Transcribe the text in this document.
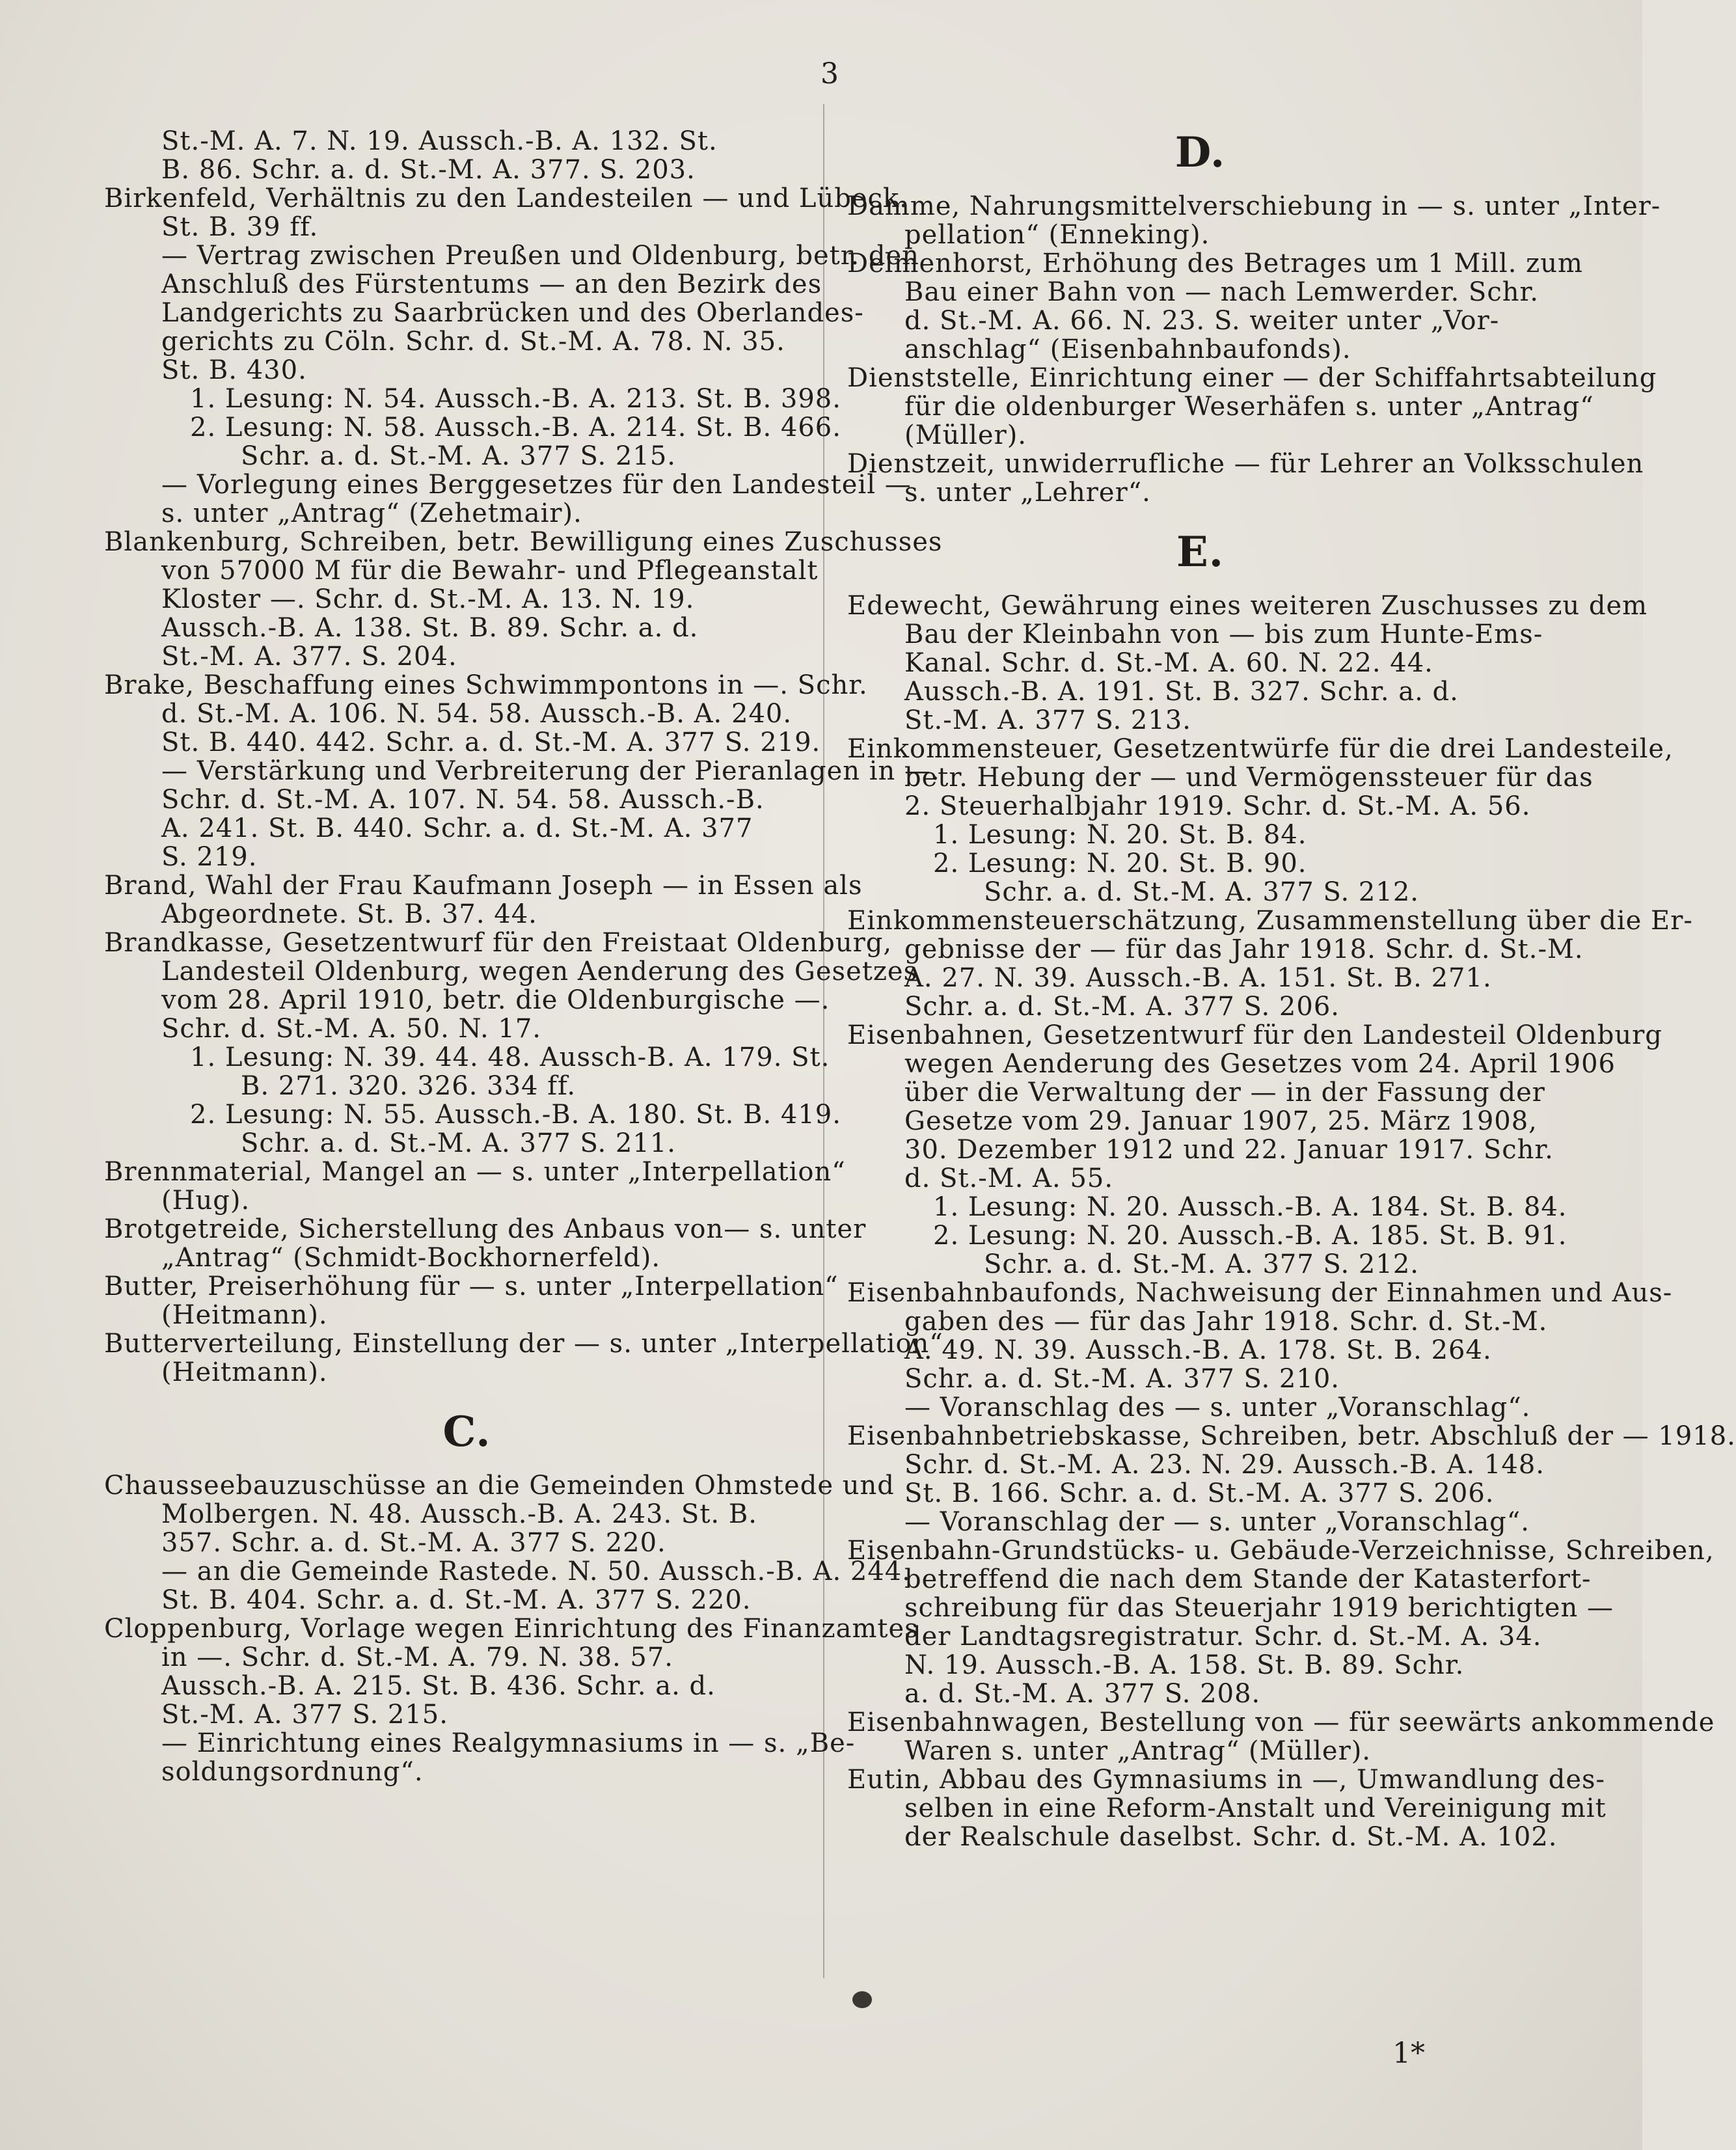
3
St.-M. A. 7. N. 19. Aussch.-B. A. 132. St.
B. 86. Schr. a. d. St.-M. A. 377. S. 203.
Birkenfeld, Verhältnis zu den Landesteilen — und Lübeck.
St. B. 39 ff.
— Vertrag zwischen Preußen und Oldenburg, betr. den
Anschluß des Fürstentums — an den Bezirk des
Landgerichts zu Saarbrücken und des Oberlandes-
gerichts zu Cöln. Schr. d. St.-M. A. 78. N. 35.
St. B. 430.
1. Lesung: N. 54. Aussch.-B. A. 213. St. B. 398.
2. Lesung: N. 58. Aussch.-B. A. 214. St. B. 466.
Schr. a. d. St.-M. A. 377 S. 215.
— Vorlegung eines Berggesetzes für den Landesteil —
s. unter „Antrag“ (Zehetmair).
Blankenburg, Schreiben, betr. Bewilligung eines Zuschusses
von 57000 M für die Bewahr- und Pflegeanstalt
Kloster —. Schr. d. St.-M. A. 13. N. 19.
Aussch.-B. A. 138. St. B. 89. Schr. a. d.
St.-M. A. 377. S. 204.
Brake, Beschaffung eines Schwimmpontons in —. Schr.
d. St.-M. A. 106. N. 54. 58. Aussch.-B. A. 240.
St. B. 440. 442. Schr. a. d. St.-M. A. 377 S. 219.
— Verstärkung und Verbreiterung der Pieranlagen in —.
Schr. d. St.-M. A. 107. N. 54. 58. Aussch.-B.
A. 241. St. B. 440. Schr. a. d. St.-M. A. 377
S. 219.
Brand, Wahl der Frau Kaufmann Joseph — in Essen als
Abgeordnete. St. B. 37. 44.
Brandkasse, Gesetzentwurf für den Freistaat Oldenburg,
Landesteil Oldenburg, wegen Aenderung des Gesetzes
vom 28. April 1910, betr. die Oldenburgische —.
Schr. d. St.-M. A. 50. N. 17.
1. Lesung: N. 39. 44. 48. Aussch-B. A. 179. St.
B. 271. 320. 326. 334 ff.
2. Lesung: N. 55. Aussch.-B. A. 180. St. B. 419.
Schr. a. d. St.-M. A. 377 S. 211.
Brennmaterial, Mangel an — s. unter „Interpellation“
(Hug).
Brotgetreide, Sicherstellung des Anbaus von— s. unter
„Antrag“ (Schmidt-Bockhornerfeld).
Butter, Preiserhöhung für — s. unter „Interpellation“
(Heitmann).
Butterverteilung, Einstellung der — s. unter „Interpellation“
(Heitmann).
C.
Chausseebauzuschüsse an die Gemeinden Ohmstede und
Molbergen. N. 48. Aussch.-B. A. 243. St. B.
357. Schr. a. d. St.-M. A. 377 S. 220.
— an die Gemeinde Rastede. N. 50. Aussch.-B. A. 244.
St. B. 404. Schr. a. d. St.-M. A. 377 S. 220.
Cloppenburg, Vorlage wegen Einrichtung des Finanzamtes
in —. Schr. d. St.-M. A. 79. N. 38. 57.
Aussch.-B. A. 215. St. B. 436. Schr. a. d.
St.-M. A. 377 S. 215.
— Einrichtung eines Realgymnasiums in — s. „Be-
soldungsordnung“.
D.
Damme, Nahrungsmittelverschiebung in — s. unter „Inter-
pellation“ (Enneking).
Delmenhorst, Erhöhung des Betrages um 1 Mill. zum
Bau einer Bahn von — nach Lemwerder. Schr.
d. St.-M. A. 66. N. 23. S. weiter unter „Vor-
anschlag“ (Eisenbahnbaufonds).
Dienststelle, Einrichtung einer — der Schiffahrtsabteilung
für die oldenburger Weserhäfen s. unter „Antrag“
(Müller).
Dienstzeit, unwiderrufliche — für Lehrer an Volksschulen
s. unter „Lehrer“.
E.
Edewecht, Gewährung eines weiteren Zuschusses zu dem
Bau der Kleinbahn von — bis zum Hunte-Ems-
Kanal. Schr. d. St.-M. A. 60. N. 22. 44.
Aussch.-B. A. 191. St. B. 327. Schr. a. d.
St.-M. A. 377 S. 213.
Einkommensteuer, Gesetzentwürfe für die drei Landesteile,
betr. Hebung der — und Vermögenssteuer für das
2. Steuerhalbjahr 1919. Schr. d. St.-M. A. 56.
1. Lesung: N. 20. St. B. 84.
2. Lesung: N. 20. St. B. 90.
Schr. a. d. St.-M. A. 377 S. 212.
Einkommensteuerschätzung, Zusammenstellung über die Er-
gebnisse der — für das Jahr 1918. Schr. d. St.-M.
A. 27. N. 39. Aussch.-B. A. 151. St. B. 271.
Schr. a. d. St.-M. A. 377 S. 206.
Eisenbahnen, Gesetzentwurf für den Landesteil Oldenburg
wegen Aenderung des Gesetzes vom 24. April 1906
über die Verwaltung der — in der Fassung der
Gesetze vom 29. Januar 1907, 25. März 1908,
30. Dezember 1912 und 22. Januar 1917. Schr.
d. St.-M. A. 55.
1. Lesung: N. 20. Aussch.-B. A. 184. St. B. 84.
2. Lesung: N. 20. Aussch.-B. A. 185. St. B. 91.
Schr. a. d. St.-M. A. 377 S. 212.
Eisenbahnbaufonds, Nachweisung der Einnahmen und Aus-
gaben des — für das Jahr 1918. Schr. d. St.-M.
A. 49. N. 39. Aussch.-B. A. 178. St. B. 264.
Schr. a. d. St.-M. A. 377 S. 210.
— Voranschlag des — s. unter „Voranschlag“.
Eisenbahnbetriebskasse, Schreiben, betr. Abschluß der — 1918.
Schr. d. St.-M. A. 23. N. 29. Aussch.-B. A. 148.
St. B. 166. Schr. a. d. St.-M. A. 377 S. 206.
— Voranschlag der — s. unter „Voranschlag“.
Eisenbahn-Grundstücks- u. Gebäude-Verzeichnisse, Schreiben,
betreffend die nach dem Stande der Katasterfort-
schreibung für das Steuerjahr 1919 berichtigten —
der Landtagsregistratur. Schr. d. St.-M. A. 34.
N. 19. Aussch.-B. A. 158. St. B. 89. Schr.
a. d. St.-M. A. 377 S. 208.
Eisenbahnwagen, Bestellung von — für seewärts ankommende
Waren s. unter „Antrag“ (Müller).
Eutin, Abbau des Gymnasiums in —, Umwandlung des-
selben in eine Reform-Anstalt und Vereinigung mit
der Realschule daselbst. Schr. d. St.-M. A. 102.
1*
